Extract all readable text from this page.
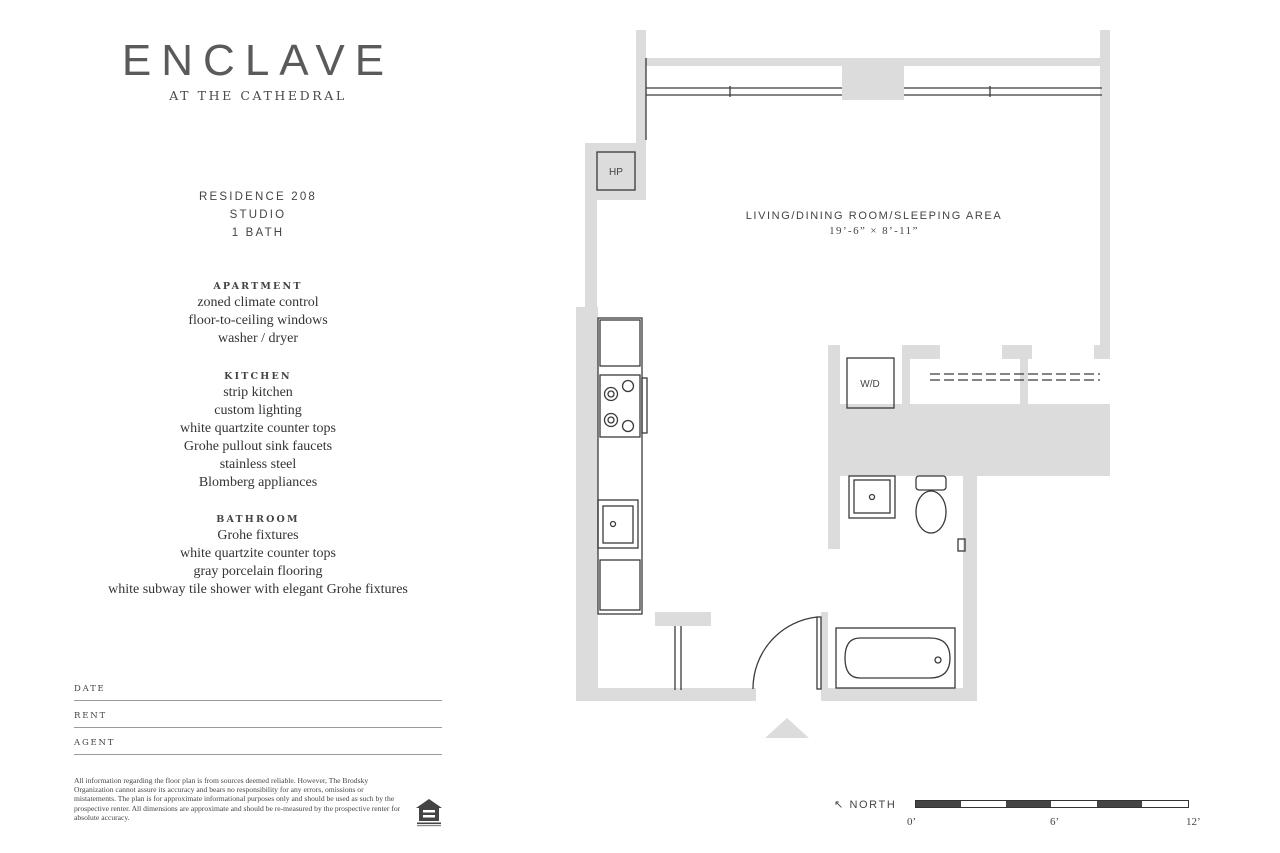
ENCLAVE
AT THE CATHEDRAL
RESIDENCE 208
STUDIO
1 BATH
APARTMENT
zoned climate control
floor-to-ceiling windows
washer / dryer
KITCHEN
strip kitchen
custom lighting
white quartzite counter tops
Grohe pullout sink faucets
stainless steel
Blomberg appliances
BATHROOM
Grohe fixtures
white quartzite counter tops
gray porcelain flooring
white subway tile shower with elegant Grohe fixtures
DATE
RENT
AGENT
All information regarding the floor plan is from sources deemed reliable. However, The Brodsky Organization cannot assure its accuracy and bears no responsibility for any errors, omissions or mistatements. The plan is for approximate informational purposes only and should be used as such by the prospective renter. All dimensions are approximate and should be re-measured by the prospective renter for absolute accuracy.
HP
W/D
LIVING/DINING ROOM/SLEEPING AREA
19’-6” × 8’-11”
↖ NORTH
0’	6’	12’
